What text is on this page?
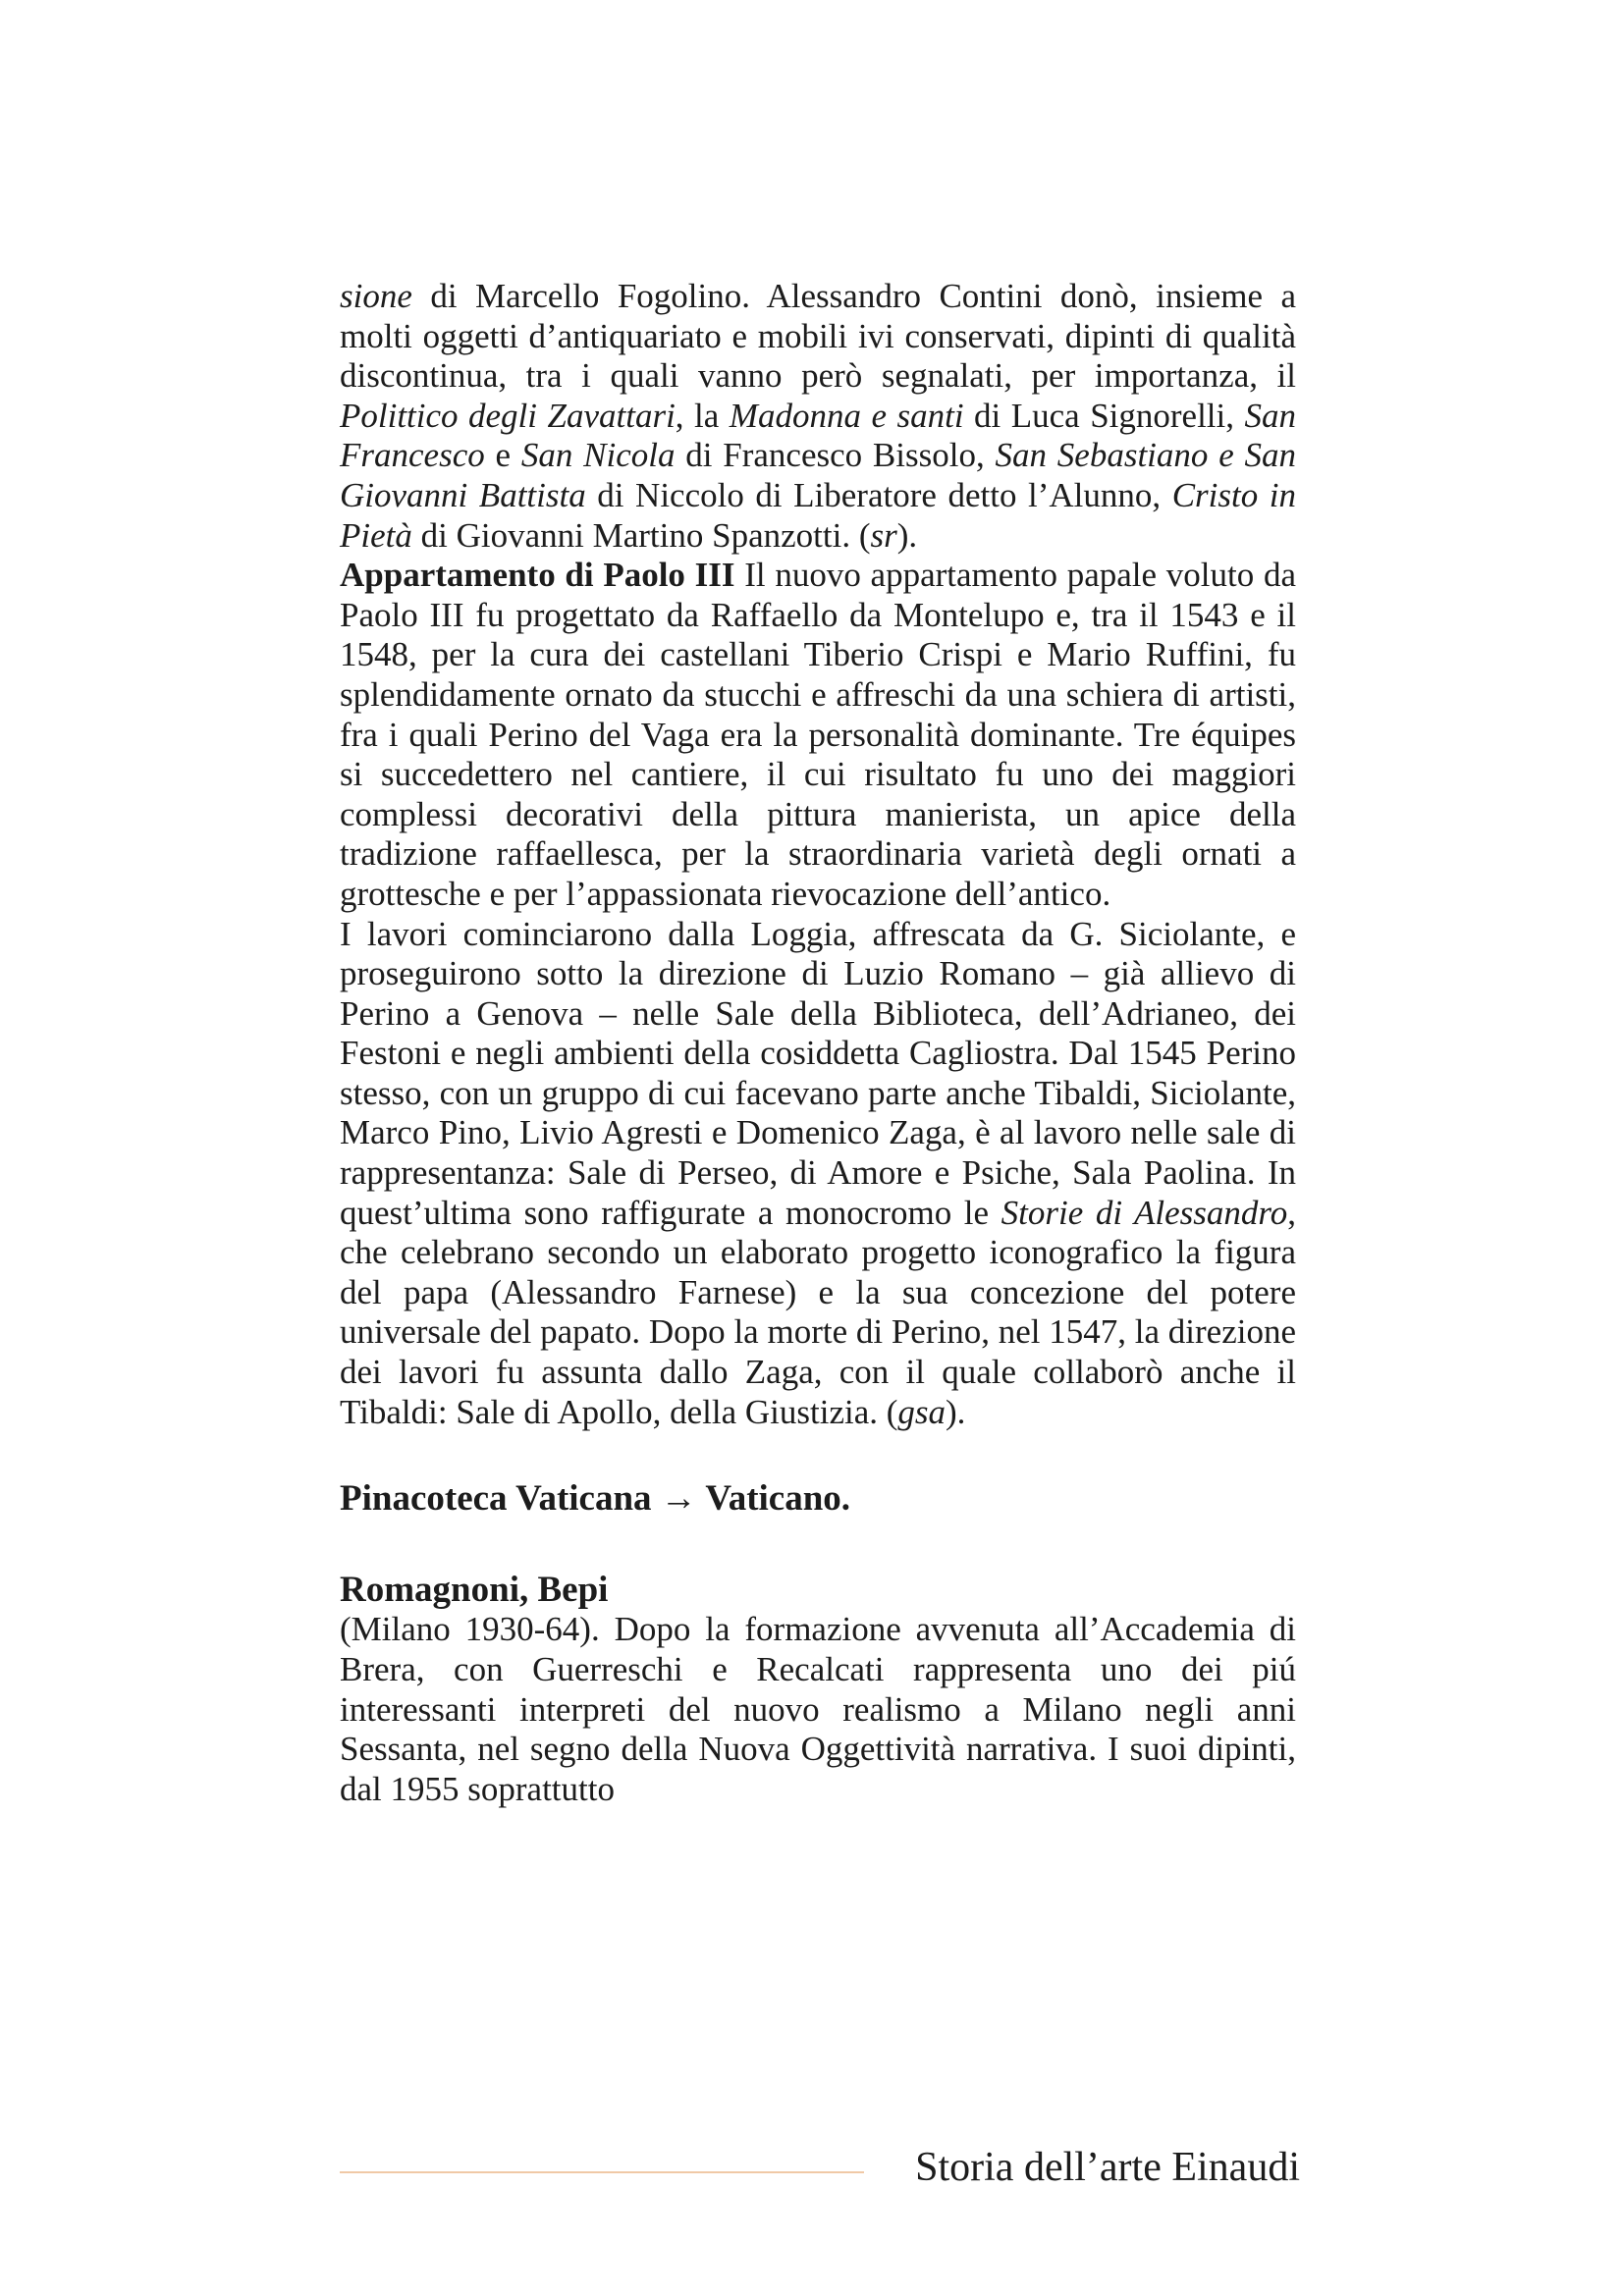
sione di Marcello Fogolino. Alessandro Contini donò, insieme a molti oggetti d’antiquariato e mobili ivi conservati, dipinti di qualità discontinua, tra i quali vanno però segnalati, per importanza, il Polittico degli Zavattari, la Madonna e santi di Luca Signorelli, San Francesco e San Nicola di Francesco Bissolo, San Sebastiano e San Giovanni Battista di Niccolo di Liberatore detto l’Alunno, Cristo in Pietà di Giovanni Martino Spanzotti. (sr).

Appartamento di Paolo III Il nuovo appartamento papale voluto da Paolo III fu progettato da Raffaello da Montelupo e, tra il 1543 e il 1548, per la cura dei castellani Tiberio Crispi e Mario Ruffini, fu splendidamente ornato da stucchi e affreschi da una schiera di artisti, fra i quali Perino del Vaga era la personalità dominante. Tre équipes si succedettero nel cantiere, il cui risultato fu uno dei maggiori complessi decorativi della pittura manierista, un apice della tradizione raffaellesca, per la straordinaria varietà degli ornati a grottesche e per l’appassionata rievocazione dell’antico.

I lavori cominciarono dalla Loggia, affrescata da G. Siciolante, e proseguirono sotto la direzione di Luzio Romano – già allievo di Perino a Genova – nelle Sale della Biblioteca, dell’Adrianeo, dei Festoni e negli ambienti della cosiddetta Cagliostra. Dal 1545 Perino stesso, con un gruppo di cui facevano parte anche Tibaldi, Siciolante, Marco Pino, Livio Agresti e Domenico Zaga, è al lavoro nelle sale di rappresentanza: Sale di Perseo, di Amore e Psiche, Sala Paolina. In quest’ultima sono raffigurate a monocromo le Storie di Alessandro, che celebrano secondo un elaborato progetto iconografico la figura del papa (Alessandro Farnese) e la sua concezione del potere universale del papato. Dopo la morte di Perino, nel 1547, la direzione dei lavori fu assunta dallo Zaga, con il quale collaborò anche il Tibaldi: Sale di Apollo, della Giustizia. (gsa).

Pinacoteca Vaticana → Vaticano.

Romagnoni, Bepi

(Milano 1930-64). Dopo la formazione avvenuta all’Accademia di Brera, con Guerreschi e Recalcati rappresenta uno dei piú interessanti interpreti del nuovo realismo a Milano negli anni Sessanta, nel segno della Nuova Oggettività narrativa. I suoi dipinti, dal 1955 soprattutto

Storia dell’arte Einaudi
